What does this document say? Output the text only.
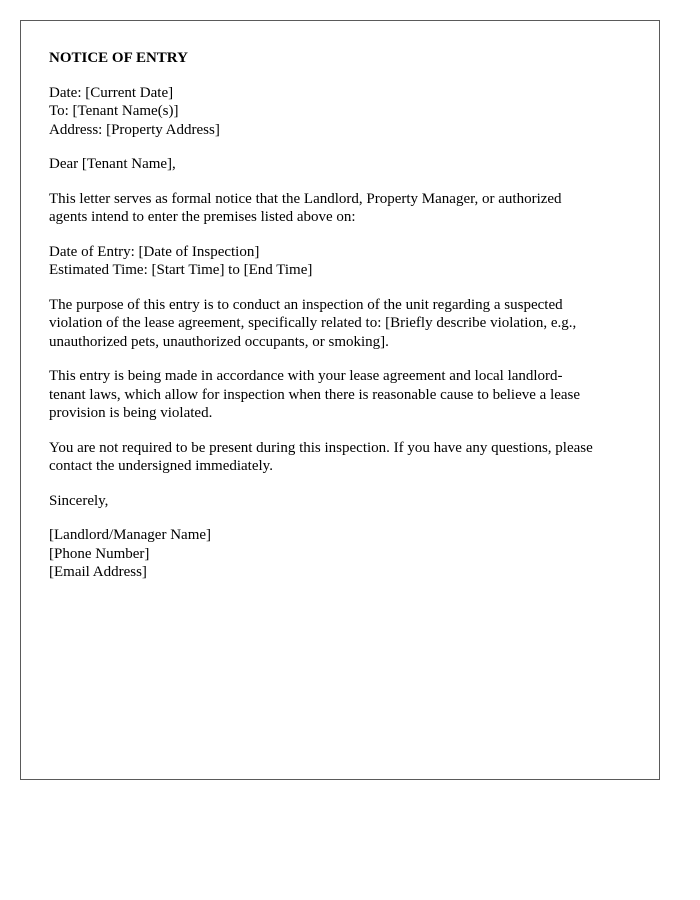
NOTICE OF ENTRY
Date: [Current Date]
To: [Tenant Name(s)]
Address: [Property Address]
Dear [Tenant Name],
This letter serves as formal notice that the Landlord, Property Manager, or authorized
agents intend to enter the premises listed above on:
Date of Entry: [Date of Inspection]
Estimated Time: [Start Time] to [End Time]
The purpose of this entry is to conduct an inspection of the unit regarding a suspected
violation of the lease agreement, specifically related to: [Briefly describe violation, e.g.,
unauthorized pets, unauthorized occupants, or smoking].
This entry is being made in accordance with your lease agreement and local landlord-
tenant laws, which allow for inspection when there is reasonable cause to believe a lease
provision is being violated.
You are not required to be present during this inspection. If you have any questions, please
contact the undersigned immediately.
Sincerely,
[Landlord/Manager Name]
[Phone Number]
[Email Address]
